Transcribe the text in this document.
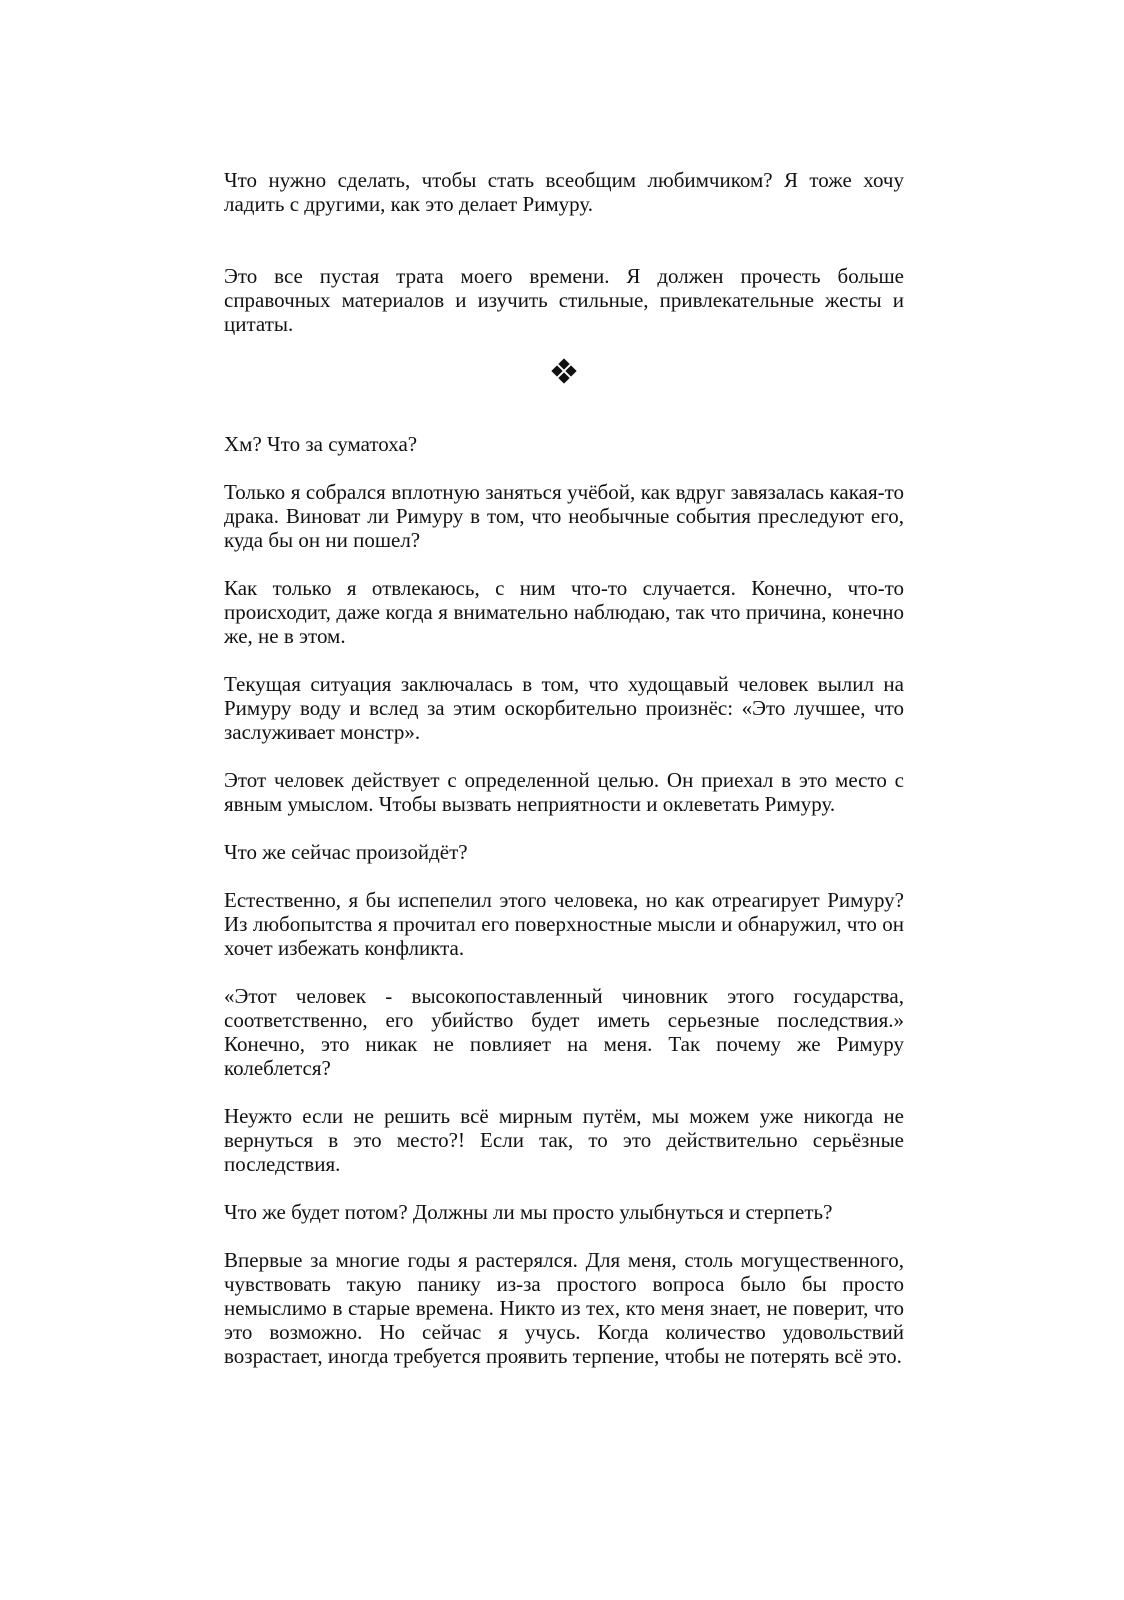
Что нужно сделать, чтобы стать всеобщим любимчиком? Я тоже хочу ладить с другими, как это делает Римуру.

Это все пустая трата моего времени. Я должен прочесть больше справочных материалов и изучить стильные, привлекательные жесты и цитаты.

Хм? Что за суматоха?

Только я собрался вплотную заняться учёбой, как вдруг завязалась какая-то драка. Виноват ли Римуру в том, что необычные события преследуют его, куда бы он ни пошел?

Как только я отвлекаюсь, с ним что-то случается. Конечно, что-то происходит, даже когда я внимательно наблюдаю, так что причина, конечно же, не в этом.

Текущая ситуация заключалась в том, что худощавый человек вылил на Римуру воду и вслед за этим оскорбительно произнёс: «Это лучшее, что заслуживает монстр».

Этот человек действует с определенной целью. Он приехал в это место с явным умыслом. Чтобы вызвать неприятности и оклеветать Римуру.

Что же сейчас произойдёт?

Естественно, я бы испепелил этого человека, но как отреагирует Римуру? Из любопытства я прочитал его поверхностные мысли и обнаружил, что он хочет избежать конфликта.

«Этот человек - высокопоставленный чиновник этого государства, соответственно, его убийство будет иметь серьезные последствия.» Конечно, это никак не повлияет на меня. Так почему же Римуру колеблется?

Неужто если не решить всё мирным путём, мы можем уже никогда не вернуться в это место?! Если так, то это действительно серьёзные последствия.

Что же будет потом? Должны ли мы просто улыбнуться и стерпеть?

Впервые за многие годы я растерялся. Для меня, столь могущественного, чувствовать такую панику из-за простого вопроса было бы просто немыслимо в старые времена. Никто из тех, кто меня знает, не поверит, что это возможно. Но сейчас я учусь. Когда количество удовольствий возрастает, иногда требуется проявить терпение, чтобы не потерять всё это.
